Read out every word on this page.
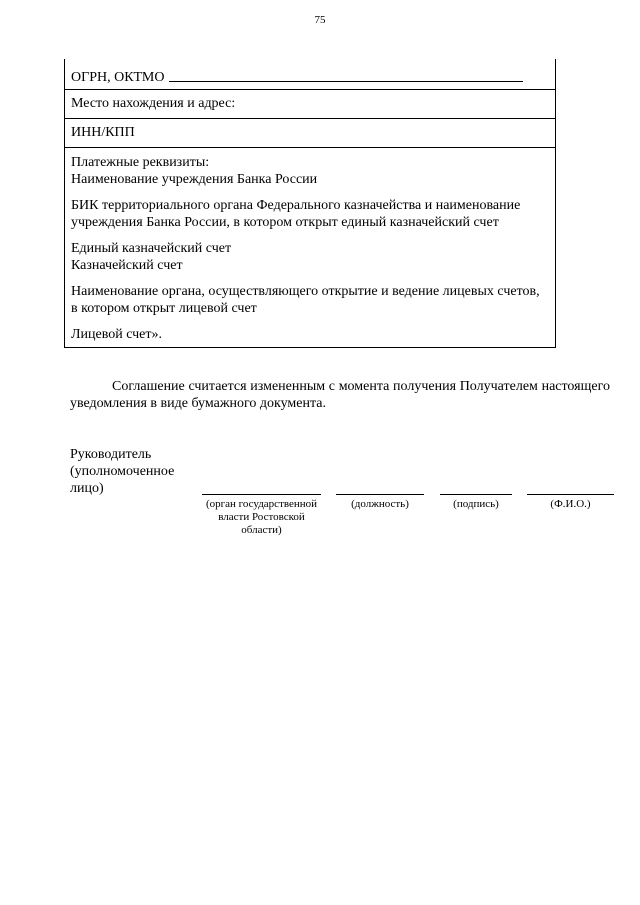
75
ОГРН, ОКТМО
Место нахождения и адрес:
ИНН/КПП
Платежные реквизиты:
Наименование учреждения Банка России
БИК территориального органа Федерального казначейства и наименование учреждения Банка России, в котором открыт единый казначейский счет
Единый казначейский счет
Казначейский счет
Наименование органа, осуществляющего открытие и ведение лицевых счетов, в котором открыт лицевой счет
Лицевой счет».
Соглашение считается измененным с момента получения Получателем настоящего уведомления в виде бумажного документа.
Руководитель (уполномоченное лицо)
(орган государственной власти Ростовской области)
(должность)	(подпись)	(Ф.И.О.)
